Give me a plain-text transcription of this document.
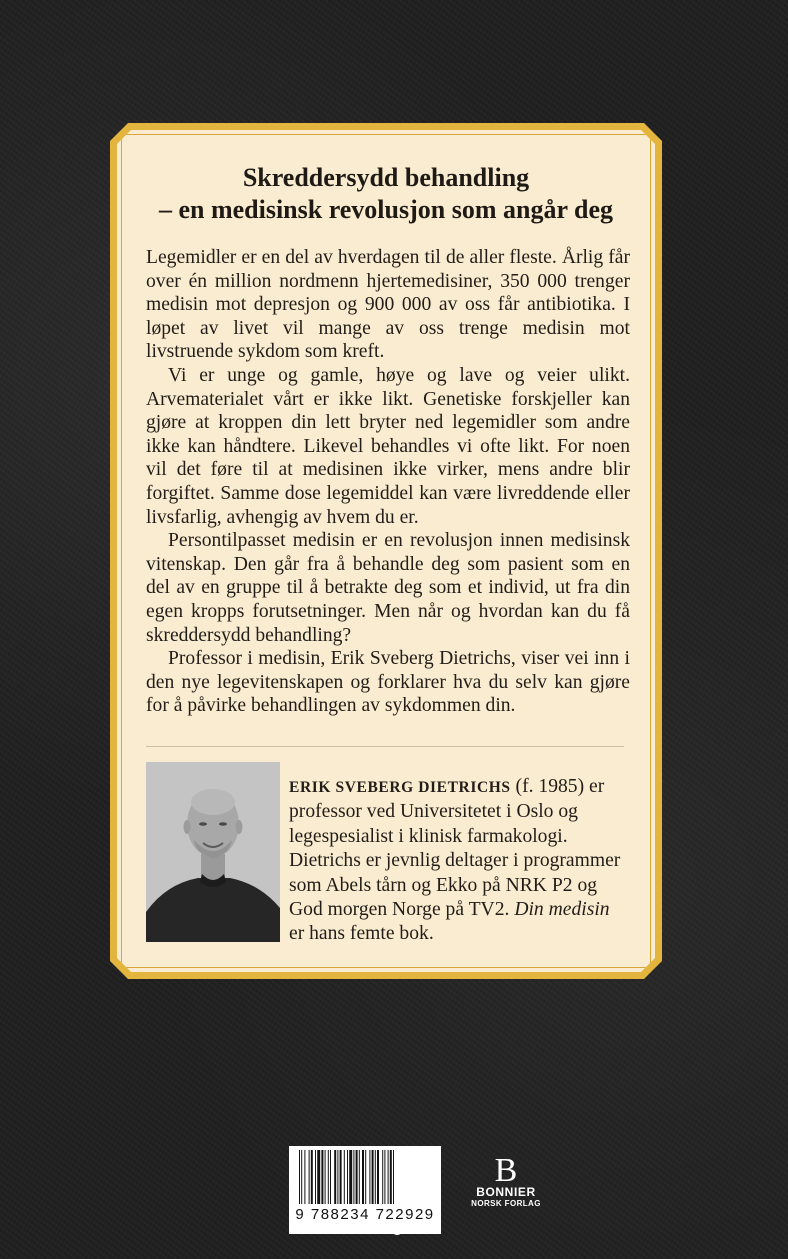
Skreddersydd behandling
– en medisinsk revolusjon som angår deg

Legemidler er en del av hverdagen til de aller fleste. Årlig får over én million nordmenn hjertemedisiner, 350 000 trenger medisin mot depresjon og 900 000 av oss får antibiotika. I løpet av livet vil mange av oss trenge medisin mot livstruende sykdom som kreft.

Vi er unge og gamle, høye og lave og veier ulikt. Arvematerialet vårt er ikke likt. Genetiske forskjeller kan gjøre at kroppen din lett bryter ned legemidler som andre ikke kan håndtere. Likevel behandles vi ofte likt. For noen vil det føre til at medisinen ikke virker, mens andre blir forgiftet. Samme dose legemiddel kan være livreddende eller livsfarlig, avhengig av hvem du er.

Persontilpasset medisin er en revolusjon innen medisinsk vitenskap. Den går fra å behandle deg som pasient som en del av en gruppe til å betrakte deg som et individ, ut fra din egen kropps forutsetninger. Men når og hvordan kan du få skreddersydd behandling?

Professor i medisin, Erik Sveberg Dietrichs, viser vei inn i den nye legevitenskapen og forklarer hva du selv kan gjøre for å påvirke behandlingen av sykdommen din.

ERIK SVEBERG DIETRICHS (f. 1985) er professor ved Universitetet i Oslo og legespesialist i klinisk farmakologi. Dietrichs er jevnlig deltager i programmer som Abels tårn og Ekko på NRK P2 og God morgen Norge på TV2. Din medisin er hans femte bok.

9 788234 722929

bonnierforlag.no

B
BONNIER
NORSK FORLAG
